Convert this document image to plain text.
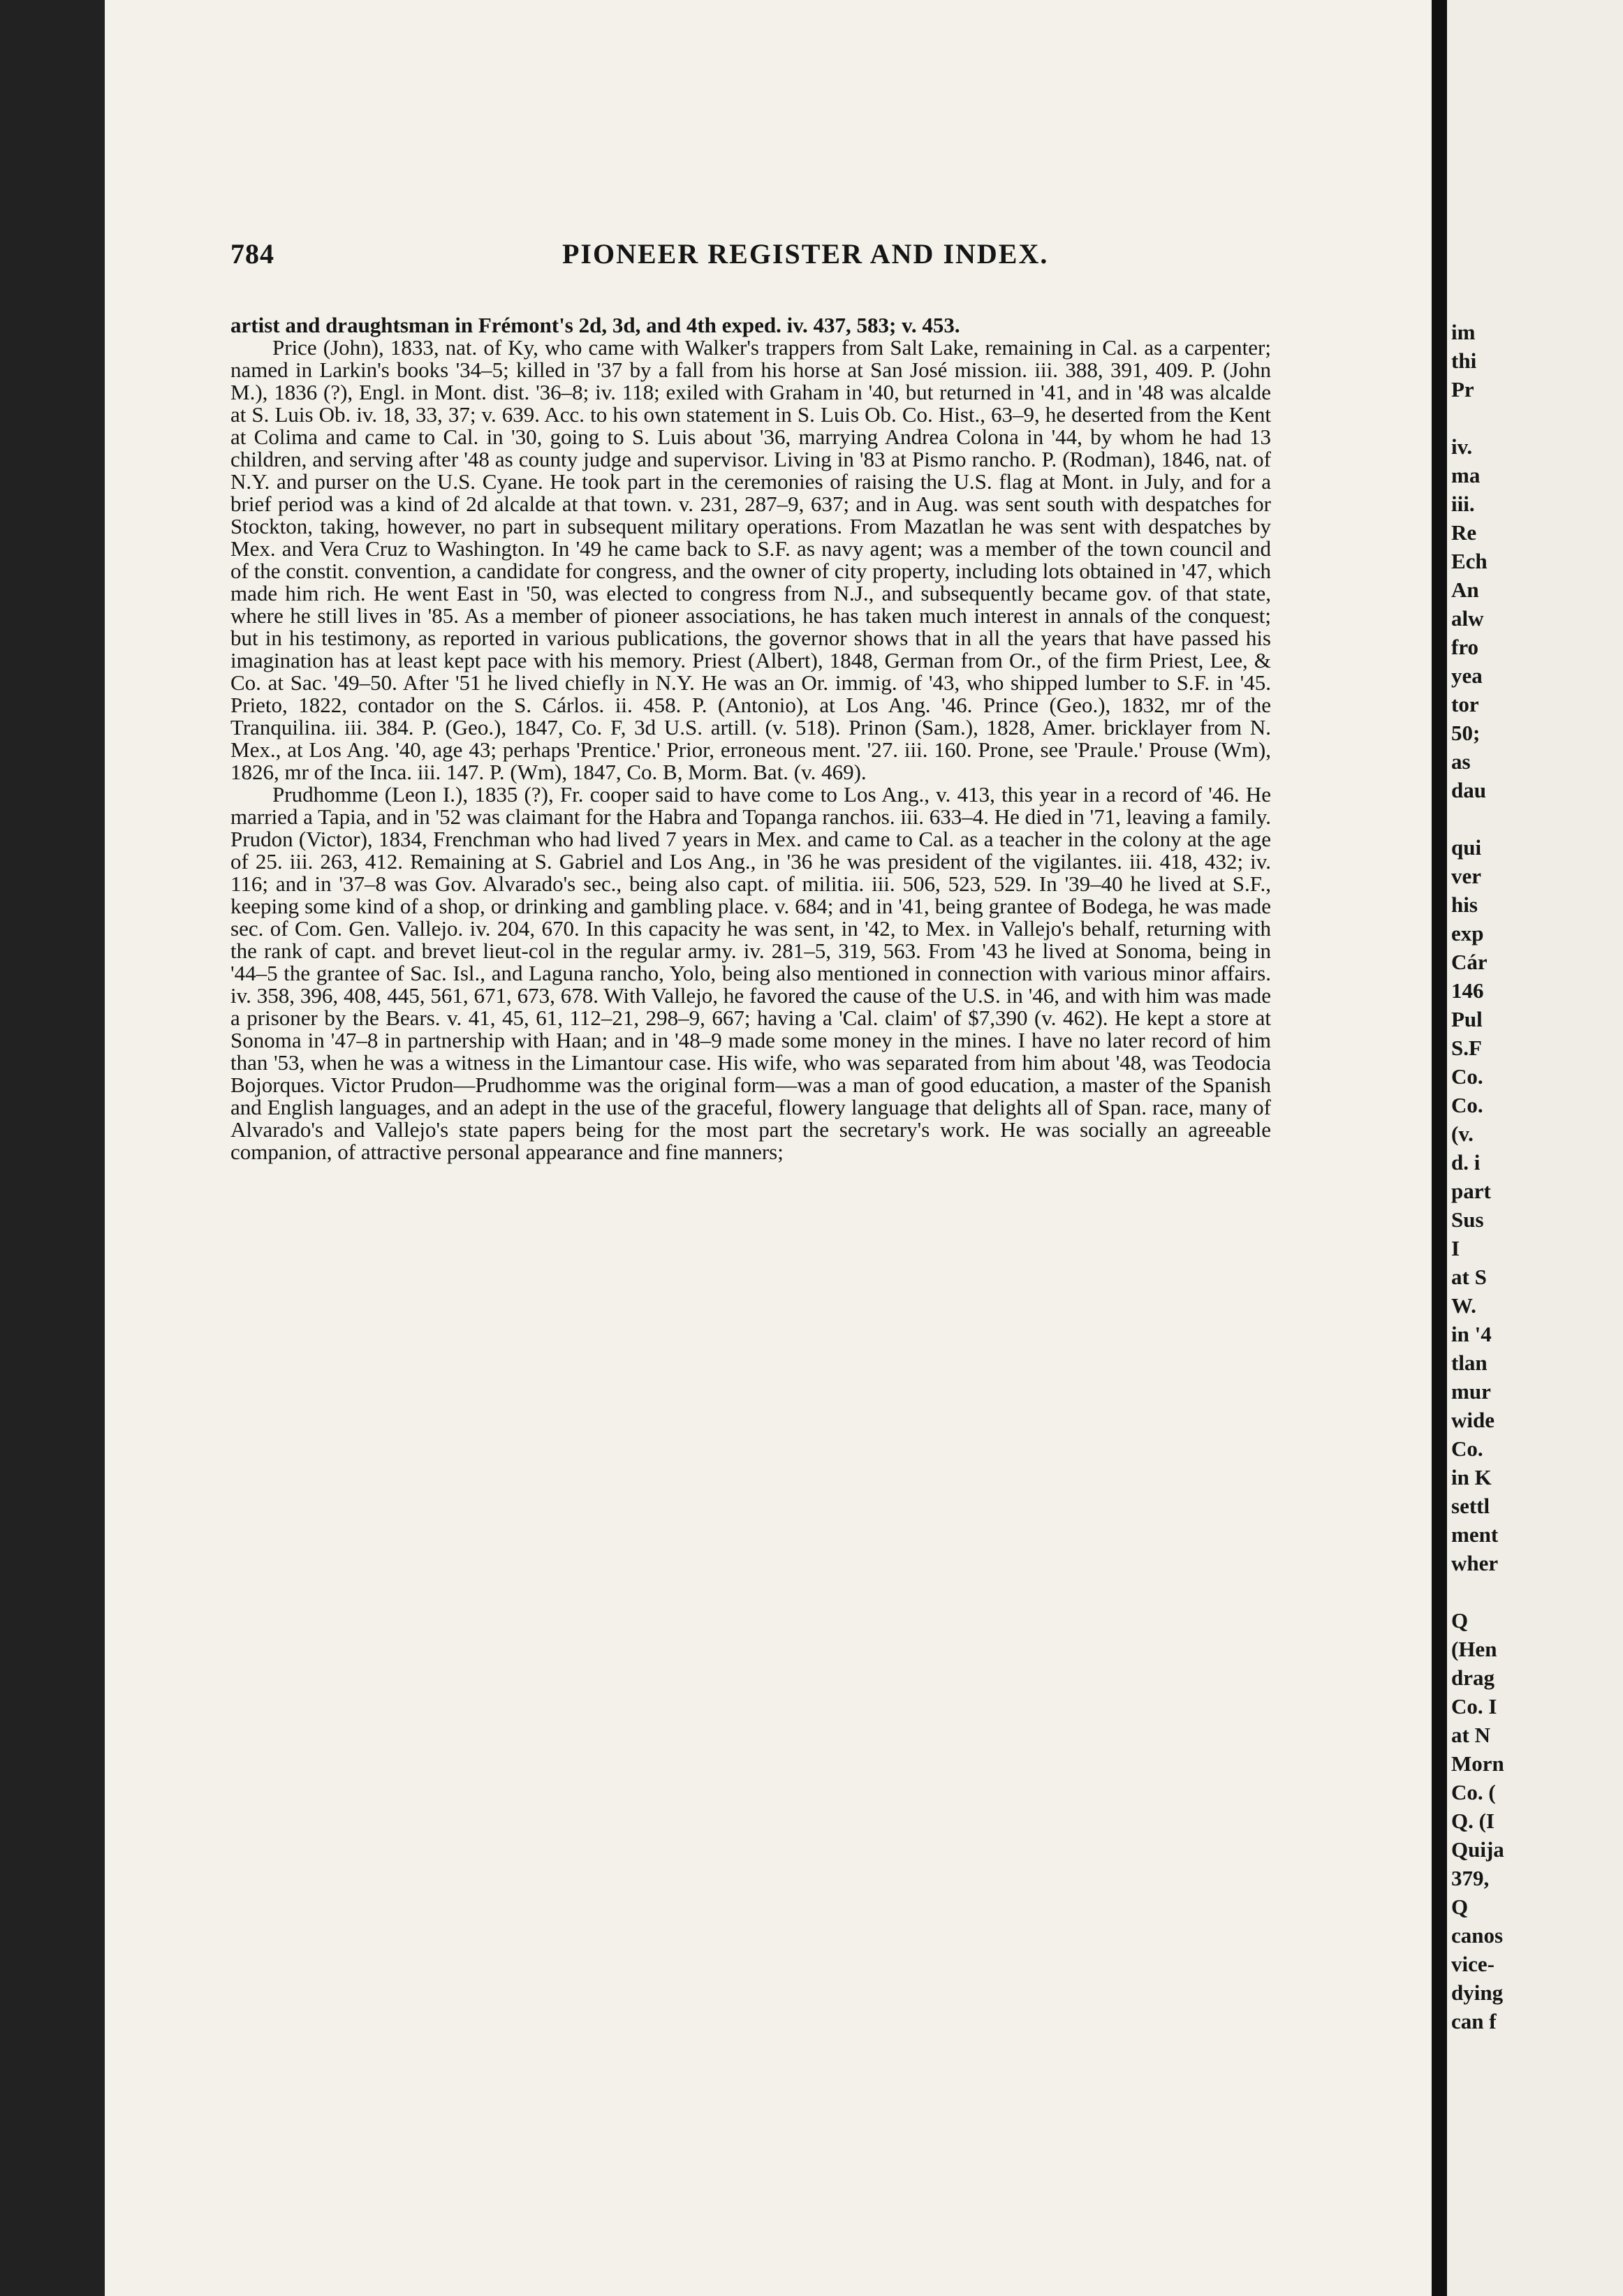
)
784	PIONEER REGISTER AND INDEX.

artist and draughtsman in Frémont's 2d, 3d, and 4th exped. iv. 437, 583; v. 453.

Price (John), 1833, nat. of Ky, who came with Walker's trappers from Salt Lake, remaining in Cal. as a carpenter; named in Larkin's books '34–5; killed in '37 by a fall from his horse at San José mission. iii. 388, 391, 409. P. (John M.), 1836 (?), Engl. in Mont. dist. '36–8; iv. 118; exiled with Graham in '40, but returned in '41, and in '48 was alcalde at S. Luis Ob. iv. 18, 33, 37; v. 639. Acc. to his own statement in S. Luis Ob. Co. Hist., 63–9, he deserted from the Kent at Colima and came to Cal. in '30, going to S. Luis about '36, marrying Andrea Colona in '44, by whom he had 13 children, and serving after '48 as county judge and supervisor. Living in '83 at Pismo rancho. P. (Rodman), 1846, nat. of N.Y. and purser on the U.S. Cyane. He took part in the ceremonies of raising the U.S. flag at Mont. in July, and for a brief period was a kind of 2d alcalde at that town. v. 231, 287–9, 637; and in Aug. was sent south with despatches for Stockton, taking, however, no part in subsequent military operations. From Mazatlan he was sent with despatches by Mex. and Vera Cruz to Washington. In '49 he came back to S.F. as navy agent; was a member of the town council and of the constit. convention, a candidate for congress, and the owner of city property, including lots obtained in '47, which made him rich. He went East in '50, was elected to congress from N.J., and subsequently became gov. of that state, where he still lives in '85. As a member of pioneer associations, he has taken much interest in annals of the conquest; but in his testimony, as reported in various publications, the governor shows that in all the years that have passed his imagination has at least kept pace with his memory. Priest (Albert), 1848, German from Or., of the firm Priest, Lee, & Co. at Sac. '49–50. After '51 he lived chiefly in N.Y. He was an Or. immig. of '43, who shipped lumber to S.F. in '45. Prieto, 1822, contador on the S. Cárlos. ii. 458. P. (Antonio), at Los Ang. '46. Prince (Geo.), 1832, mr of the Tranquilina. iii. 384. P. (Geo.), 1847, Co. F, 3d U.S. artill. (v. 518). Prinon (Sam.), 1828, Amer. bricklayer from N. Mex., at Los Ang. '40, age 43; perhaps 'Prentice.' Prior, erroneous ment. '27. iii. 160. Prone, see 'Praule.' Prouse (Wm), 1826, mr of the Inca. iii. 147. P. (Wm), 1847, Co. B, Morm. Bat. (v. 469).

Prudhomme (Leon I.), 1835 (?), Fr. cooper said to have come to Los Ang., v. 413, this year in a record of '46. He married a Tapia, and in '52 was claimant for the Habra and Topanga ranchos. iii. 633–4. He died in '71, leaving a family. Prudon (Victor), 1834, Frenchman who had lived 7 years in Mex. and came to Cal. as a teacher in the colony at the age of 25. iii. 263, 412. Remaining at S. Gabriel and Los Ang., in '36 he was president of the vigilantes. iii. 418, 432; iv. 116; and in '37–8 was Gov. Alvarado's sec., being also capt. of militia. iii. 506, 523, 529. In '39–40 he lived at S.F., keeping some kind of a shop, or drinking and gambling place. v. 684; and in '41, being grantee of Bodega, he was made sec. of Com. Gen. Vallejo. iv. 204, 670. In this capacity he was sent, in '42, to Mex. in Vallejo's behalf, returning with the rank of capt. and brevet lieut-col in the regular army. iv. 281–5, 319, 563. From '43 he lived at Sonoma, being in '44–5 the grantee of Sac. Isl., and Laguna rancho, Yolo, being also mentioned in connection with various minor affairs. iv. 358, 396, 408, 445, 561, 671, 673, 678. With Vallejo, he favored the cause of the U.S. in '46, and with him was made a prisoner by the Bears. v. 41, 45, 61, 112–21, 298–9, 667; having a 'Cal. claim' of $7,390 (v. 462). He kept a store at Sonoma in '47–8 in partnership with Haan; and in '48–9 made some money in the mines. I have no later record of him than '53, when he was a witness in the Limantour case. His wife, who was separated from him about '48, was Teodocia Bojorques. Victor Prudon—Prudhomme was the original form—was a man of good education, a master of the Spanish and English languages, and an adept in the use of the graceful, flowery language that delights all of Span. race, many of Alvarado's and Vallejo's state papers being for the most part the secretary's work. He was socially an agreeable companion, of attractive personal appearance and fine manners;

im
thi
Pr
iv.
ma
iii.
Re
Ech
An
alw
fro
yea
tor
50;
as
dau
qui
ver
his
exp
Cár
146
Pul
S.F
Co.
Co.
(v.
d. i
part
Sus
I
at S
W.
in '4
tlan
mur
wide
Co.
in K
settl
ment
wher
Q
(Hen
drag
Co. I
at N
Morn
Co. (
Q. (I
Quija
379,
Q
canos
vice-
dying
can f
